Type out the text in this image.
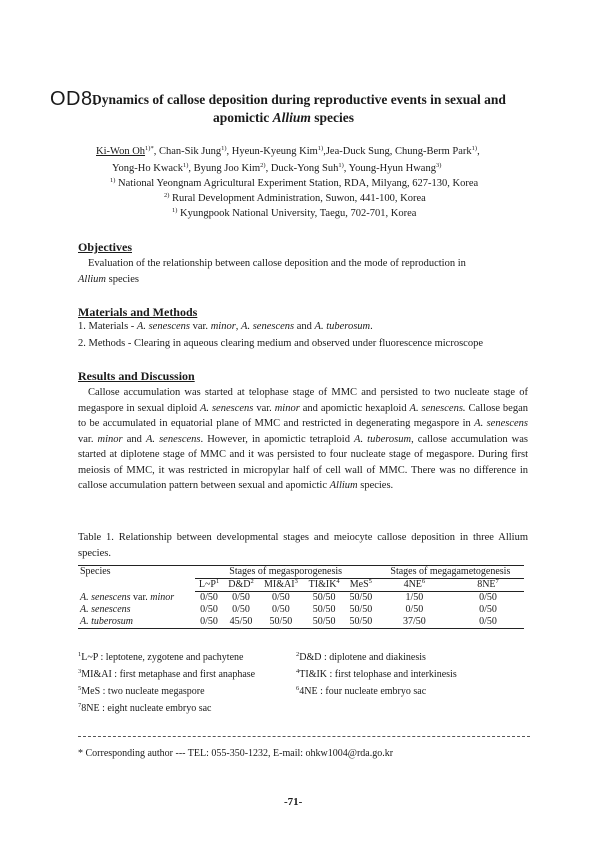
OD8.
Dynamics of callose deposition during reproductive events in sexual and
apomictic Allium species
Ki-Won $Oh^{1)*}$, Chan-Sik Jung$^{1)}$, Hyeun-Kyeung Kim$^{1)}$,Jea-Duck Sung, Chung-Berm Park$^{1)}$,
Yong-Ho Kwack$^{1)}$, Byung Joo Kim$^{2)}$, Duck-Yong Suh$^{1)}$, Young-Hyun Hwang$^{3)}$
$^{1)}$ National Yeongnam Agricultural Experiment Station, RDA, Milyang, 627-130, Korea
$^{2)}$ Rural Development Administration, Suwon, 441-100, Korea
$^{1)}$ Kyungpook National University, Taegu, 702-701, Korea
Objectives
Evaluation of the relationship between callose deposition and the mode of reproduction in
Allium species
Materials and Methods
1. Materials - A. senescens var. minor, A. senescens and A. tuberosum.
2. Methods - Clearing in aqueous clearing medium and observed under fluorescence microscope
Results and Discussion
Callose accumulation was started at telophase stage of MMC and persisted to two nucleate stage of megaspore in sexual diploid A. senescens var. minor and apomictic hexaploid A. senescens. Callose began to be accumulated in equatorial plane of MMC and restricted in degenerating megaspore in A. senescens var. minor and A. senescens. However, in apomictic tetraploid A. tuberosum, callose accumulation was started at diplotene stage of MMC and it was persisted to four nucleate stage of megaspore. During first meiosis of MMC, it was restricted in micropylar half of cell wall of MMC. There was no difference in callose accumulation pattern between sexual and apomictic Allium species.
Table 1. Relationship between developmental stages and meiocyte callose deposition in three Allium species.
Species	Stages of megasporogenesis					Stages of megagametogenesis	
	$L\sim P^1$	$D\&D^2$	$MI\&AI^3$	$TI\&IK^4$	MeS$^5$	$4NE^6$	$8NE^7$
A. senescens var. minor	0/50	0/50	0/50	50/50	50/50	1/50	0/50
A. senescens	0/50	0/50	0/50	50/50	50/50	0/50	0/50
A. tuberosum	0/50	45/50	50/50	50/50	50/50	37/50	0/50
$^1$L~P : leptotene, zygotene and pachytene	$^2$D&D : diplotene and diakinesis
$^3$MI&AI : first metaphase and first anaphase	$^4$TI&IK : first telophase and interkinesis
$^5$MeS : two nucleate megaspore	$^6$4NE : four nucleate embryo sac
$^7$8NE : eight nucleate embryo sac
* Corresponding author --- TEL: 055-350-1232, E-mail: ohkw1004@rda.go.kr
-71-
